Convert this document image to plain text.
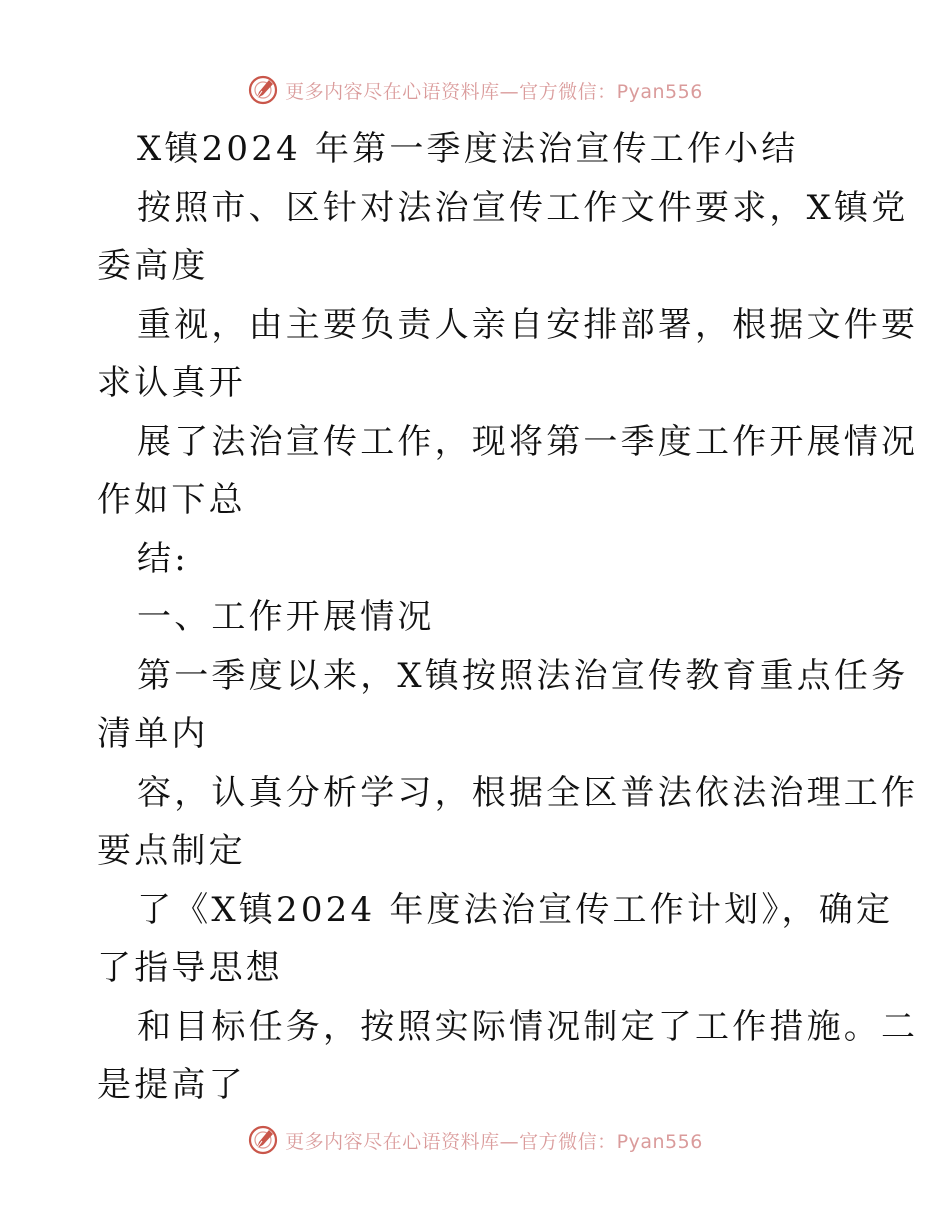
更多内容尽在心语资料库—官方微信：Pyan556
X镇2024 年第一季度法治宣传工作小结
按照市、区针对法治宣传工作文件要求，X镇党
委高度
重视，由主要负责人亲自安排部署，根据文件要
求认真开
展了法治宣传工作，现将第一季度工作开展情况
作如下总
结:
一、工作开展情况
第一季度以来，X镇按照法治宣传教育重点任务
清单内
容，认真分析学习，根据全区普法依法治理工作
要点制定
了《X镇2024 年度法治宣传工作计划》，确定
了指导思想
和目标任务，按照实际情况制定了工作措施。二
是提高了
更多内容尽在心语资料库—官方微信：Pyan556
